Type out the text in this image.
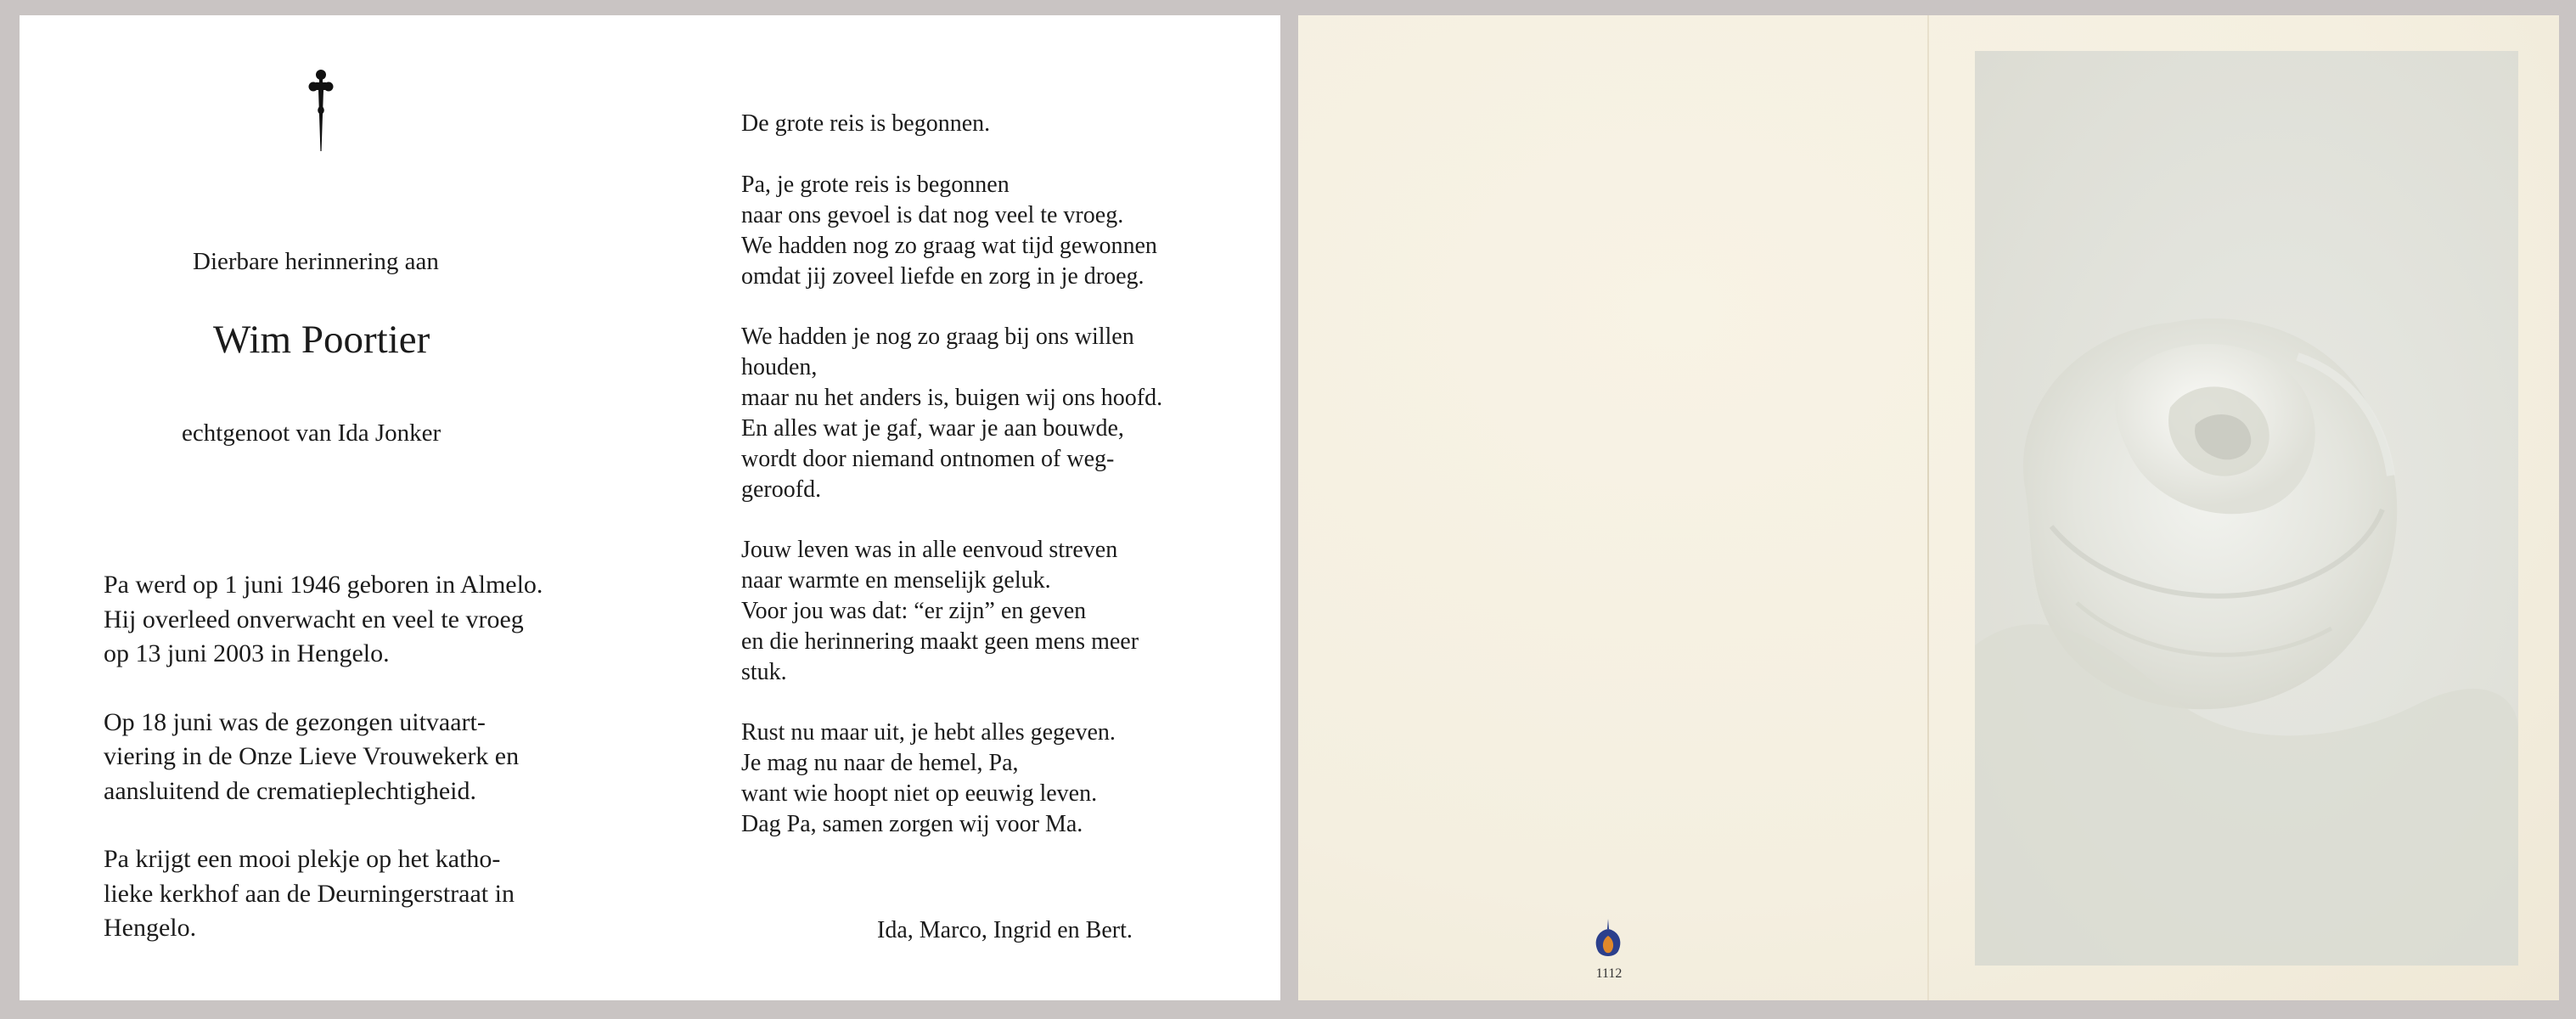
Dierbare herinnering aan
Wim Poortier
echtgenoot van Ida Jonker
Pa werd op 1 juni 1946 geboren in Almelo.
Hij overleed onverwacht en veel te vroeg
op 13 juni 2003 in Hengelo.
Op 18 juni was de gezongen uitvaart-
viering in de Onze Lieve Vrouwekerk en
aansluitend de crematieplechtigheid.
Pa krijgt een mooi plekje op het katho-
lieke kerkhof aan de Deurningerstraat in
Hengelo.
De grote reis is begonnen.
Pa, je grote reis is begonnen
naar ons gevoel is dat nog veel te vroeg.
We hadden nog zo graag wat tijd gewonnen
omdat jij zoveel liefde en zorg in je droeg.
We hadden je nog zo graag bij ons willen
houden,
maar nu het anders is, buigen wij ons hoofd.
En alles wat je gaf, waar je aan bouwde,
wordt door niemand ontnomen of weg-
geroofd.
Jouw leven was in alle eenvoud streven
naar warmte en menselijk geluk.
Voor jou was dat: “er zijn” en geven
en die herinnering maakt geen mens meer
stuk.
Rust nu maar uit, je hebt alles gegeven.
Je mag nu naar de hemel, Pa,
want wie hoopt niet op eeuwig leven.
Dag Pa, samen zorgen wij voor Ma.
Ida, Marco, Ingrid en Bert.
1112
